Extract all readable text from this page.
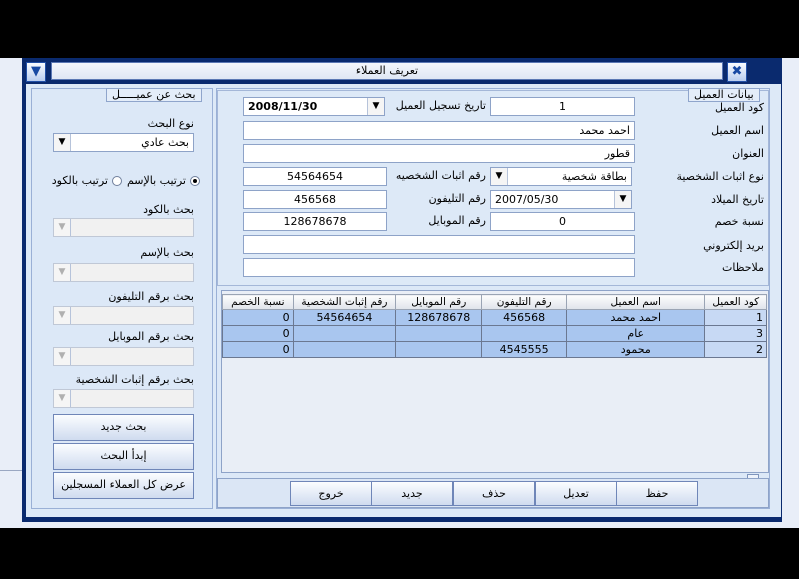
▼	تعريف العملاء	✖
بحث عن عميـــــل
نوع البحث
▼	بحث عادي
ترتيب بالإسم
ترتيب بالكود
بحث بالكود
▼
بحث بالإسم
▼
بحث برقم التليفون
▼
بحث برقم الموبايل
▼
بحث برقم إثبات الشخصية
▼
بحث جديد
إبدأ البحث
عرض كل العملاء المسجلين
بيانات العميل
كود العميل
1
تاريخ تسجيل العميل
▼
2008/11/30
اسم العميل
احمد محمد
العنوان
قطور
نوع اثبات الشخصية
▼	بطاقة شخصية
رقم اثبات الشخصيه
54564654
تاريخ الميلاد
▼
2007/05/30
رقم التليفون
456568
نسبة خصم
0
رقم الموبايل
128678678
بريد إلكتروني
ملاحظات
كود العميل	اسم العميل	رقم التليفون	رقم الموبايل	رقم إثبات الشخصية	نسبة الخصم
1	احمد محمد	456568	128678678	54564654	0
3	عام				0
2	محمود	4545555			0
حفظ
تعديل
حذف
جديد
خروج
